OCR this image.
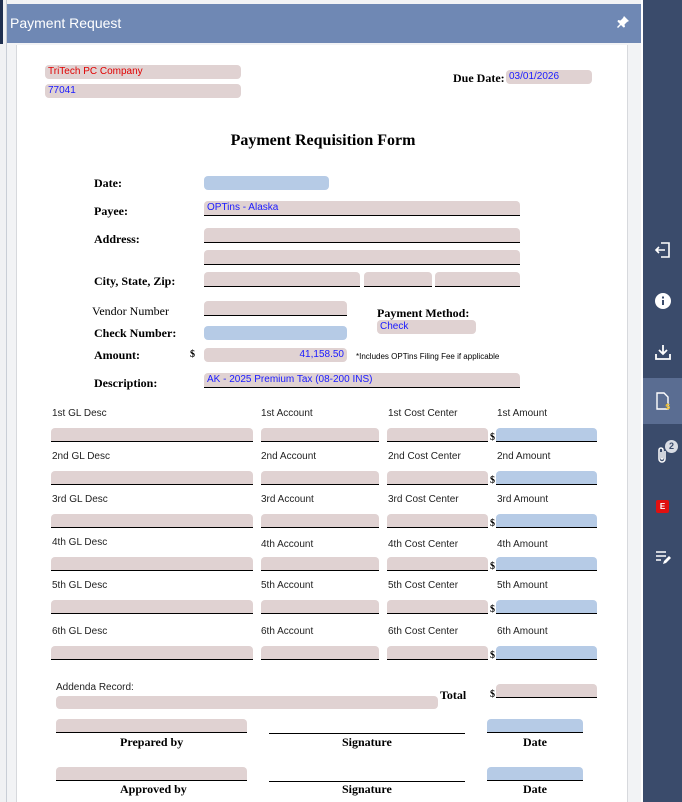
Payment Request
TriTech PC Company
77041
Due Date: 03/01/2026
Payment Requisition Form
Date:
Payee:	OPTins - Alaska
Address:
City, State, Zip:
Vendor Number	Payment Method:
Check
Check Number:
Amount:	$	41,158.50	*Includes OPTins Filing Fee if applicable
Description:	AK - 2025 Premium Tax (08-200 INS)
1st GL Desc	1st Account	1st Cost Center	1st Amount
$
2nd GL Desc	2nd Account	2nd Cost Center	2nd Amount
$
3rd GL Desc	3rd Account	3rd Cost Center	3rd Amount
$
4th GL Desc	4th Account	4th Cost Center	4th Amount
$
5th GL Desc	5th Account	5th Cost Center	5th Amount
$
6th GL Desc	6th Account	6th Cost Center	6th Amount
$
Addenda Record:
Total $
Prepared by	Signature	Date
Approved by	Signature	Date
$
2
E
